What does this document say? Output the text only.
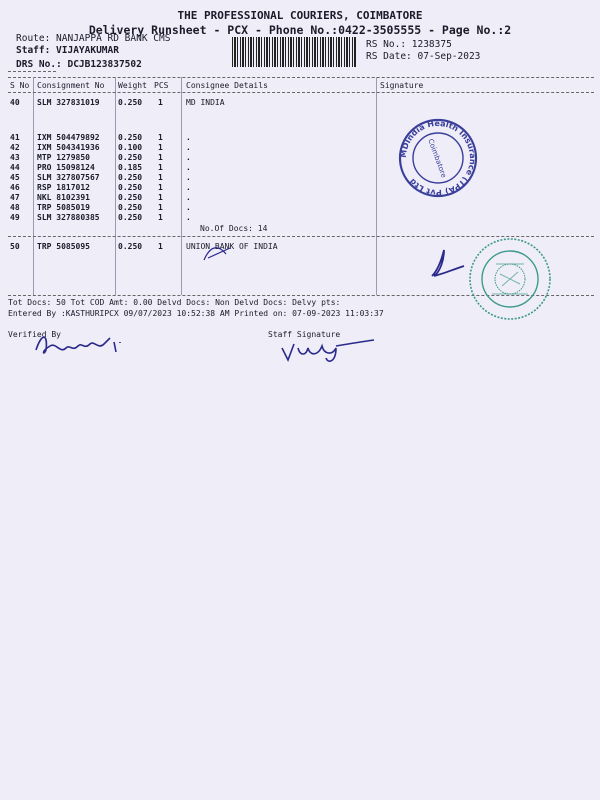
THE PROFESSIONAL COURIERS, COIMBATORE
Delivery Runsheet - PCX - Phone No.:0422-3505555 - Page No.:2
Route: NANJAPPA RD BANK CMS
Staff: VIJAYAKUMAR
DRS No.: DCJB123837502
RS No.: 1238375
RS Date: 07-Sep-2023
S No Consignment No Weight PCS Consignee Details	Signature
40 SLM 327831019 0.250 1	MD INDIA
41 IXM 504479892 0.250 1	.
42 IXM 504341936 0.100 1	.
43 MTP 1279850	0.250 1	.
44 PRO 15098124	0.185 1	.
45 SLM 327807567 0.250 1	.
46 RSP 1817012	0.250 1	.
47 NKL 8102391	0.250 1	.
48 TRP 5085019	0.250 1	.
49 SLM 327880385 0.250 1	.
No.Of Docs: 14
50 TRP 5085095	0.250 1	UNION BANK OF INDIA
Tot Docs: 50 Tot COD Amt: 0.00 Delvd Docs: Non Delvd Docs: Delvy pts:
Entered By :KASTHURIPCX 09/07/2023 10:52:38 AM Printed on: 07-09-2023 11:03:37
Verified By	Staff Signature
MDIndia Health Insurance (TPA) Pvt Ltd
Coimbatore
